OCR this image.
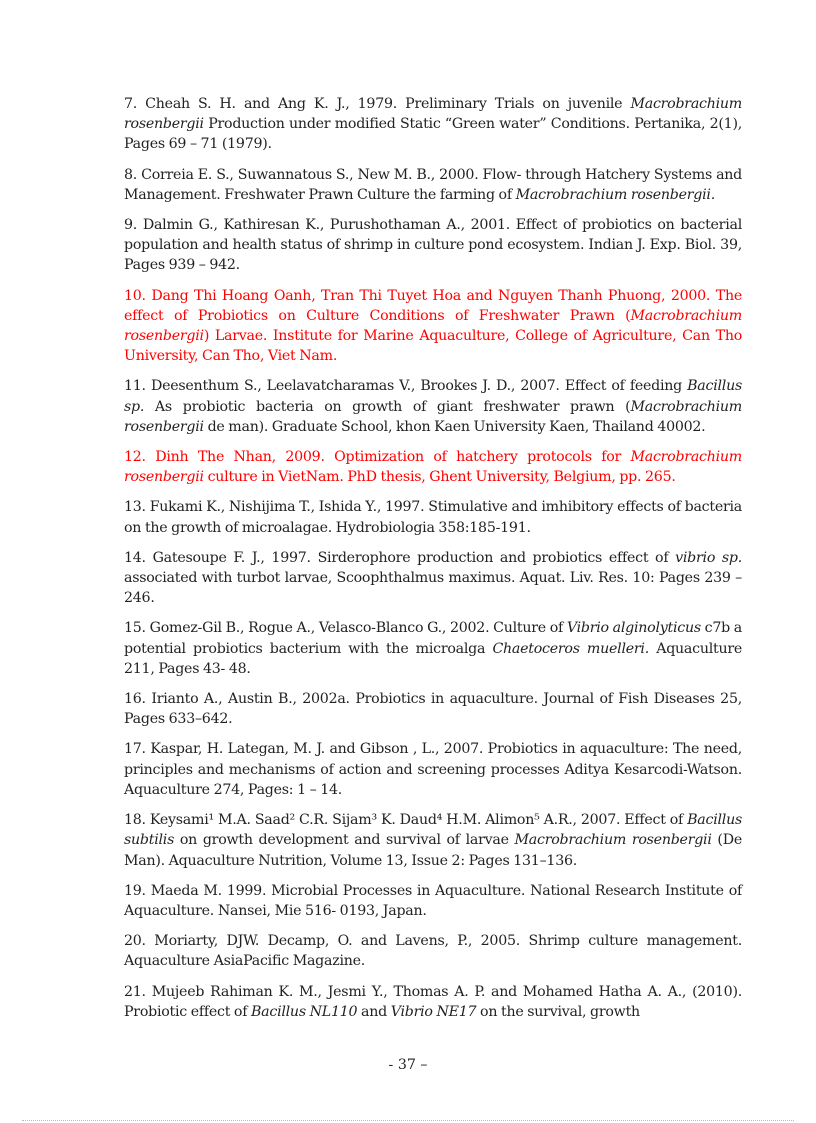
7. Cheah S. H. and Ang K. J., 1979. Preliminary Trials on juvenile Macrobrachium rosenbergii Production under modified Static “Green water” Conditions. Pertanika, 2(1), Pages 69 – 71 (1979).

8. Correia E. S., Suwannatous S., New M. B., 2000. Flow- through Hatchery Systems and Management. Freshwater Prawn Culture the farming of Macrobrachium rosenbergii.

9. Dalmin G., Kathiresan K., Purushothaman A., 2001. Effect of probiotics on bacterial population and health status of shrimp in culture pond ecosystem. Indian J. Exp. Biol. 39, Pages 939 – 942.

10. Dang Thi Hoang Oanh, Tran Thi Tuyet Hoa and Nguyen Thanh Phuong, 2000. The effect of Probiotics on Culture Conditions of Freshwater Prawn (Macrobrachium rosenbergii) Larvae. Institute for Marine Aquaculture, College of Agriculture, Can Tho University, Can Tho, Viet Nam.

11. Deesenthum S., Leelavatcharamas V., Brookes J. D., 2007. Effect of feeding Bacillus sp. As probiotic bacteria on growth of giant freshwater prawn (Macrobrachium rosenbergii de man). Graduate School, khon Kaen University Kaen, Thailand 40002.

12. Dinh The Nhan, 2009. Optimization of hatchery protocols for Macrobrachium rosenbergii culture in VietNam. PhD thesis, Ghent University, Belgium, pp. 265.

13. Fukami K., Nishijima T., Ishida Y., 1997. Stimulative and imhibitory effects of bacteria on the growth of microalagae. Hydrobiologia 358:185-191.

14. Gatesoupe F. J., 1997. Sirderophore production and probiotics effect of vibrio sp. associated with turbot larvae, Scoophthalmus maximus. Aquat. Liv. Res. 10: Pages 239 – 246.

15. Gomez-Gil B., Rogue A., Velasco-Blanco G., 2002. Culture of Vibrio alginolyticus c7b a potential probiotics bacterium with the microalga Chaetoceros muelleri. Aquaculture 211, Pages 43- 48.

16. Irianto A., Austin B., 2002a. Probiotics in aquaculture. Journal of Fish Diseases 25, Pages 633–642.

17. Kaspar, H. Lategan, M. J. and Gibson , L., 2007. Probiotics in aquaculture: The need, principles and mechanisms of action and screening processes Aditya Kesarcodi-Watson. Aquaculture 274, Pages: 1 – 14.

18. Keysami¹ M.A. Saad² C.R. Sijam³ K. Daud⁴ H.M. Alimon⁵ A.R., 2007. Effect of Bacillus subtilis on growth development and survival of larvae Macrobrachium rosenbergii (De Man). Aquaculture Nutrition, Volume 13, Issue 2: Pages 131–136.

19. Maeda M. 1999. Microbial Processes in Aquaculture. National Research Institute of Aquaculture. Nansei, Mie 516- 0193, Japan.

20. Moriarty, DJW. Decamp, O. and Lavens, P., 2005. Shrimp culture management. Aquaculture AsiaPacific Magazine.

21. Mujeeb Rahiman K. M., Jesmi Y., Thomas A. P. and Mohamed Hatha A. A., (2010). Probiotic effect of Bacillus NL110 and Vibrio NE17 on the survival, growth

- 37 –
